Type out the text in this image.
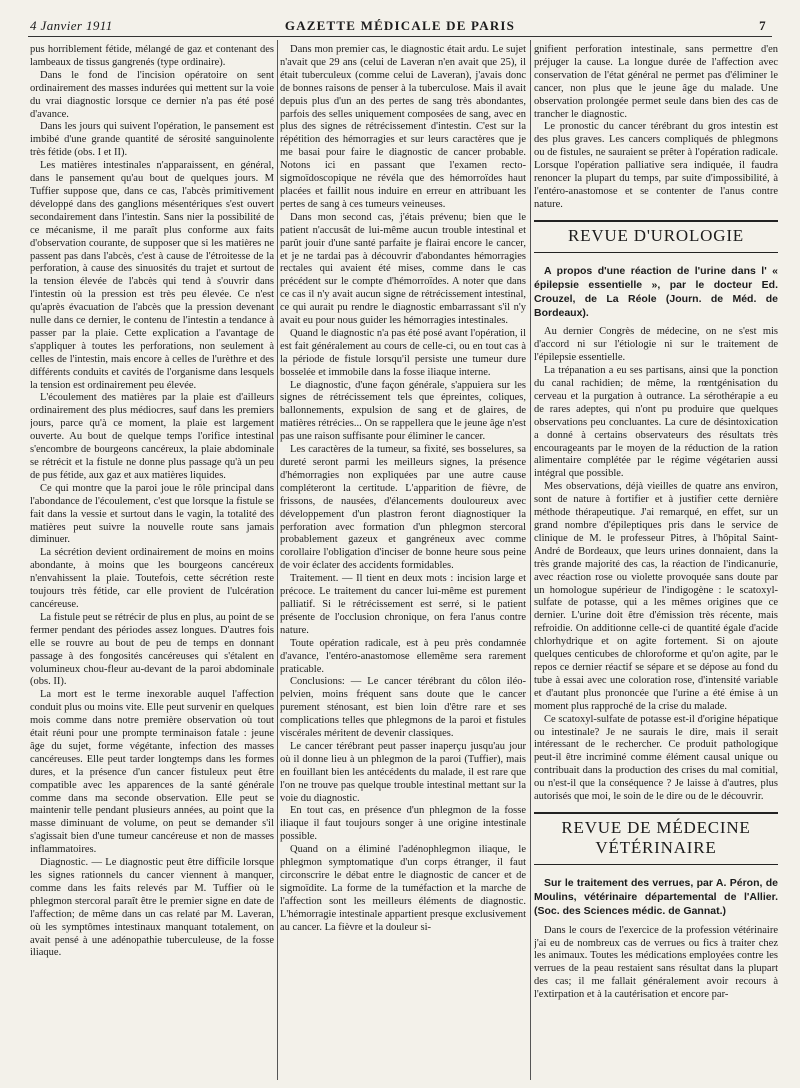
4 Janvier 1911	GAZETTE MÉDICALE DE PARIS	7

pus horriblement fétide, mélangé de gaz et contenant des lambeaux de tissus gangrenés (type ordinaire).

Dans le fond de l'incision opératoire on sent ordinairement des masses indurées qui mettent sur la voie du vrai diagnostic lorsque ce dernier n'a pas été posé d'avance.

Dans les jours qui suivent l'opération, le pansement est imbibé d'une grande quantité de sérosité sanguinolente très fétide (obs. I et II).

Les matières intestinales n'apparaissent, en général, dans le pansement qu'au bout de quelques jours. M Tuffier suppose que, dans ce cas, l'abcès primitivement développé dans des ganglions mésentériques s'est ouvert secondairement dans l'intestin. Sans nier la possibilité de ce mécanisme, il me paraît plus conforme aux faits d'observation courante, de supposer que si les matières ne passent pas dans l'abcès, c'est à cause de l'étroitesse de la perforation, à cause des sinuosités du trajet et surtout de la tension élevée de l'abcès qui tend à s'ouvrir dans l'intestin où la pression est très peu élevée. Ce n'est qu'après évacuation de l'abcès que la pression devenant nulle dans ce dernier, le contenu de l'intestin a tendance à passer par la plaie. Cette explication a l'avantage de s'appliquer à toutes les perforations, non seulement à celles de l'intestin, mais encore à celles de l'urèthre et des différents conduits et cavités de l'organisme dans lesquels la tension est ordinairement peu élevée.

L'écoulement des matières par la plaie est d'ailleurs ordinairement des plus médiocres, sauf dans les premiers jours, parce qu'à ce moment, la plaie est largement ouverte. Au bout de quelque temps l'orifice intestinal s'encombre de bourgeons cancéreux, la plaie abdominale se rétrécit et la fistule ne donne plus passage qu'à un peu de pus fétide, aux gaz et aux matières liquides.

Ce qui montre que la paroi joue le rôle principal dans l'abondance de l'écoulement, c'est que lorsque la fistule se fait dans la vessie et surtout dans le vagin, la totalité des matières peut suivre la nouvelle route sans jamais diminuer.

La sécrétion devient ordinairement de moins en moins abondante, à moins que les bourgeons cancéreux n'envahissent la plaie. Toutefois, cette sécrétion reste toujours très fétide, car elle provient de l'ulcération cancéreuse.

La fistule peut se rétrécir de plus en plus, au point de se fermer pendant des périodes assez longues. D'autres fois elle se rouvre au bout de peu de temps en donnant passage à des fongosités cancéreuses qui s'étalent en volumineux chou-fleur au-devant de la paroi abdominale (obs. II).

La mort est le terme inexorable auquel l'affection conduit plus ou moins vite. Elle peut survenir en quelques mois comme dans notre première observation où tout était réuni pour une prompte terminaison fatale : jeune âge du sujet, forme végétante, infection des masses cancéreuses. Elle peut tarder longtemps dans les formes dures, et la présence d'un cancer fistuleux peut être compatible avec les apparences de la santé générale comme dans ma seconde observation. Elle peut se maintenir telle pendant plusieurs années, au point que la masse diminuant de volume, on peut se demander s'il s'agissait bien d'une tumeur cancéreuse et non de masses inflammatoires.

Diagnostic. — Le diagnostic peut être difficile lorsque les signes rationnels du cancer viennent à manquer, comme dans les faits relevés par M. Tuffier où le phlegmon stercoral paraît être le premier signe en date de l'affection; de même dans un cas relaté par M. Laveran, où les symptômes intestinaux manquant totalement, on avait pensé à une adénopathie tuberculeuse, de la fosse iliaque.

Dans mon premier cas, le diagnostic était ardu. Le sujet n'avait que 29 ans (celui de Laveran n'en avait que 25), il était tuberculeux (comme celui de Laveran), j'avais donc de bonnes raisons de penser à la tuberculose. Mais il avait depuis plus d'un an des pertes de sang très abondantes, parfois des selles uniquement composées de sang, avec en plus des signes de rétrécissement d'intestin. C'est sur la répétition des hémorragies et sur leurs caractères que je me basai pour faire le diagnostic de cancer probable. Notons ici en passant que l'examen recto-sigmoïdoscopique ne révéla que des hémorroïdes haut placées et faillit nous induire en erreur en attribuant les pertes de sang à ces tumeurs veineuses.

Dans mon second cas, j'étais prévenu; bien que le patient n'accusât de lui-même aucun trouble intestinal et parût jouir d'une santé parfaite je flairai encore le cancer, et je ne tardai pas à découvrir d'abondantes hémorragies rectales qui avaient été mises, comme dans le cas précédent sur le compte d'hémorroïdes. A noter que dans ce cas il n'y avait aucun signe de rétrécissement intestinal, ce qui aurait pu rendre le diagnostic embarrassant s'il n'y avait eu pour nous guider les hémorragies intestinales.

Quand le diagnostic n'a pas été posé avant l'opération, il est fait généralement au cours de celle-ci, ou en tout cas à la période de fistule lorsqu'il persiste une tumeur dure bosselée et immobile dans la fosse iliaque interne.

Le diagnostic, d'une façon générale, s'appuiera sur les signes de rétrécissement tels que épreintes, coliques, ballonnements, expulsion de sang et de glaires, de matières rétrécies... On se rappellera que le jeune âge n'est pas une raison suffisante pour éliminer le cancer.

Les caractères de la tumeur, sa fixité, ses bosselures, sa dureté seront parmi les meilleurs signes, la présence d'hémorragies non expliquées par une autre cause compléteront la certitude. L'apparition de fièvre, de frissons, de nausées, d'élancements douloureux avec développement d'un plastron feront diagnostiquer la perforation avec formation d'un phlegmon stercoral probablement gazeux et gangréneux avec comme corollaire l'obligation d'inciser de bonne heure sous peine de voir éclater des accidents formidables.

Traitement. — Il tient en deux mots : incision large et précoce. Le traitement du cancer lui-même est purement palliatif. Si le rétrécissement est serré, si le patient présente de l'occlusion chronique, on fera l'anus contre nature.

Toute opération radicale, est à peu près condamnée d'avance, l'entéro-anastomose ellemême sera rarement praticable.

Conclusions: — Le cancer térébrant du côlon iléo-pelvien, moins fréquent sans doute que le cancer purement sténosant, est bien loin d'être rare et ses complications telles que phlegmons de la paroi et fistules viscérales méritent de devenir classiques.

Le cancer térébrant peut passer inaperçu jusqu'au jour où il donne lieu à un phlegmon de la paroi (Tuffier), mais en fouillant bien les antécédents du malade, il est rare que l'on ne trouve pas quelque trouble intestinal mettant sur la voie du diagnostic.

En tout cas, en présence d'un phlegmon de la fosse iliaque il faut toujours songer à une origine intestinale possible.

Quand on a éliminé l'adénophlegmon iliaque, le phlegmon symptomatique d'un corps étranger, il faut circonscrire le débat entre le diagnostic de cancer et de sigmoïdite. La forme de la tuméfaction et la marche de l'affection sont les meilleurs éléments de diagnostic. L'hémorragie intestinale appartient presque exclusivement au cancer. La fièvre et la douleur si-

gnifient perforation intestinale, sans permettre d'en préjuger la cause. La longue durée de l'affection avec conservation de l'état général ne permet pas d'éliminer le cancer, non plus que le jeune âge du malade. Une observation prolongée permet seule dans bien des cas de trancher le diagnostic.

Le pronostic du cancer térébrant du gros intestin est des plus graves. Les cancers compliqués de phlegmons ou de fistules, ne sauraient se prêter à l'opération radicale. Lorsque l'opération palliative sera indiquée, il faudra renoncer la plupart du temps, par suite d'impossibilité, à l'entéro-anastomose et se contenter de l'anus contre nature.

REVUE D'UROLOGIE

A propos d'une réaction de l'urine dans l' « épilepsie essentielle », par le docteur Ed. Crouzel, de La Réole (Journ. de Méd. de Bordeaux).

Au dernier Congrès de médecine, on ne s'est mis d'accord ni sur l'étiologie ni sur le traitement de l'épilepsie essentielle.

La trépanation a eu ses partisans, ainsi que la ponction du canal rachidien; de même, la rœntgénisation du cerveau et la purgation à outrance. La sérothérapie a eu de rares adeptes, qui n'ont pu produire que quelques observations peu concluantes. La cure de désintoxication a donné à certains observateurs des résultats très encourageants par le moyen de la réduction de la ration alimentaire complétée par le régime végétarien aussi intégral que possible.

Mes observations, déjà vieilles de quatre ans environ, sont de nature à fortifier et à justifier cette dernière méthode thérapeutique. J'ai remarqué, en effet, sur un grand nombre d'épileptiques pris dans le service de clinique de M. le professeur Pitres, à l'hôpital Saint-André de Bordeaux, que leurs urines donnaient, dans la très grande majorité des cas, la réaction de l'indicanurie, avec réaction rose ou violette provoquée sans doute par un homologue supérieur de l'indigogène : le scatoxyl-sulfate de potasse, qui a les mêmes origines que ce dernier. L'urine doit être d'émission très récente, mais refroidie. On additionne celle-ci de quantité égale d'acide chlorhydrique et on agite fortement. Si on ajoute quelques centicubes de chloroforme et qu'on agite, par le repos ce dernier réactif se sépare et se dépose au fond du tube à essai avec une coloration rose, d'intensité variable et d'autant plus prononcée que l'urine a été émise à un moment plus rapproché de la crise du malade.

Ce scatoxyl-sulfate de potasse est-il d'origine hépatique ou intestinale? Je ne saurais le dire, mais il serait intéressant de le rechercher. Ce produit pathologique peut-il être incriminé comme élément causal unique ou contribuait dans la production des crises du mal comitial, ou n'est-il que la conséquence ? Je laisse à d'autres, plus autorisés que moi, le soin de le dire ou de le découvrir.

REVUE DE MÉDECINE VÉTÉRINAIRE

Sur le traitement des verrues, par A. Péron, de Moulins, vétérinaire départemental de l'Allier. (Soc. des Sciences médic. de Gannat.)

Dans le cours de l'exercice de la profession vétérinaire j'ai eu de nombreux cas de verrues ou fics à traiter chez les animaux. Toutes les médications employées contre les verrues de la peau restaient sans résultat dans la plupart des cas; il me fallait généralement avoir recours à l'extirpation et à la cautérisation et encore par-
